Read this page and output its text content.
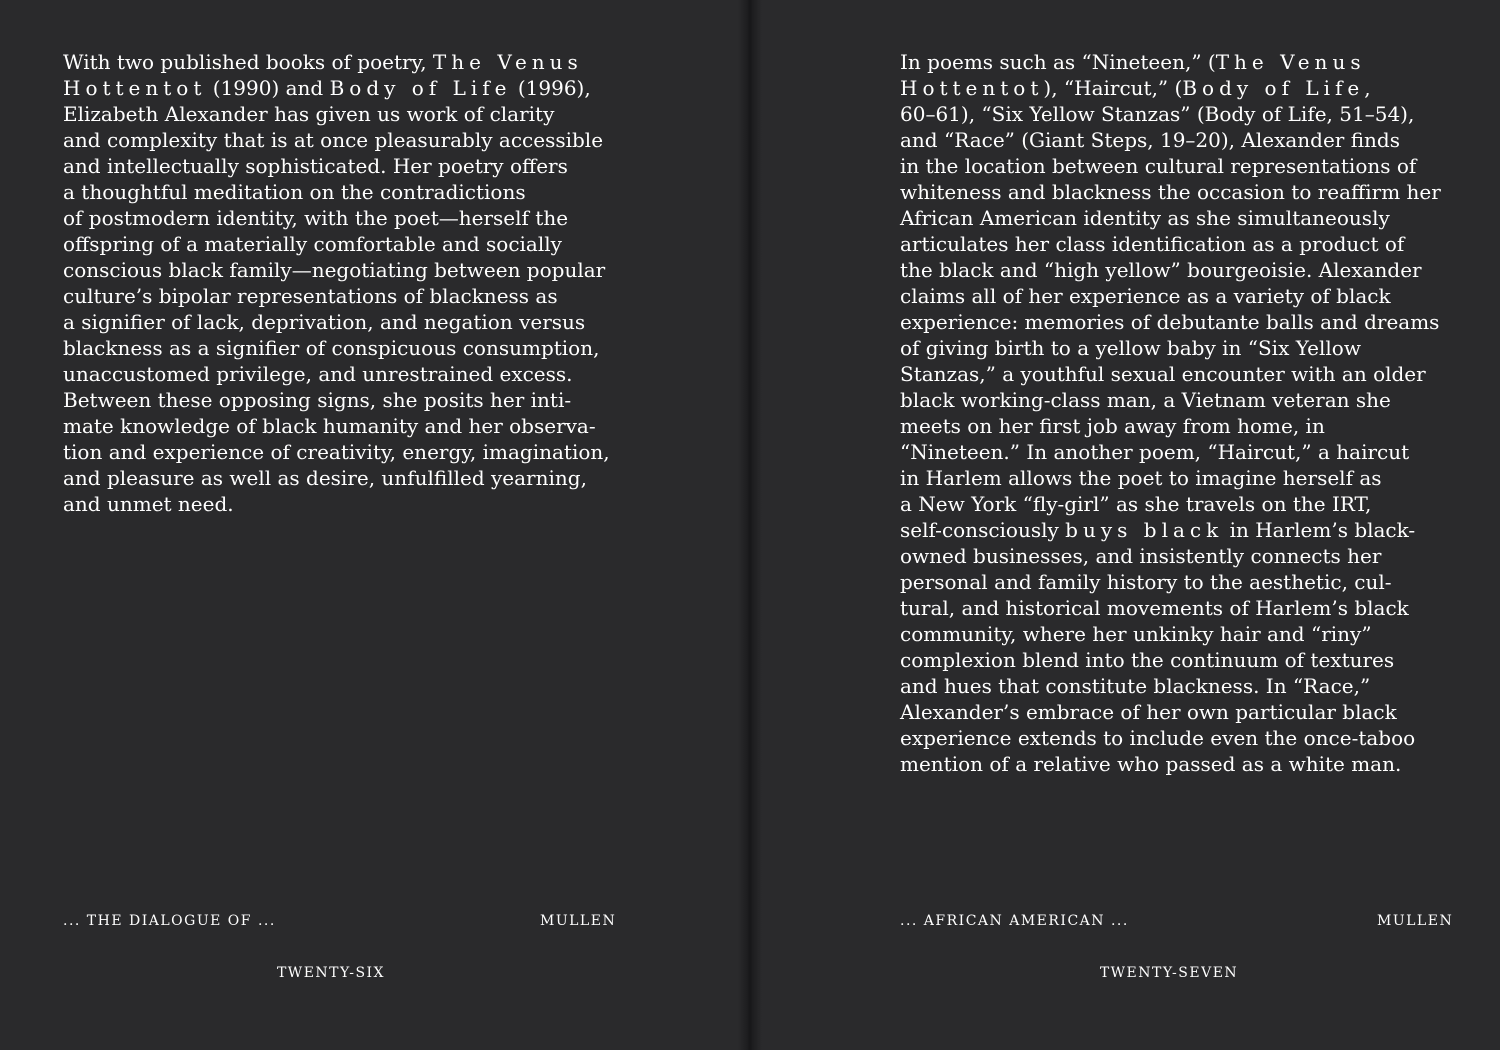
With two published books of poetry, The Venus
Hottentot (1990) and Body of Life (1996),
Elizabeth Alexander has given us work of clarity
and complexity that is at once pleasurably accessible
and intellectually sophisticated. Her poetry offers
a thoughtful meditation on the contradictions
of postmodern identity, with the poet—herself the
offspring of a materially comfortable and socially
conscious black family—negotiating between popular
culture’s bipolar representations of blackness as
a signifier of lack, deprivation, and negation versus
blackness as a signifier of conspicuous consumption,
unaccustomed privilege, and unrestrained excess.
Between these opposing signs, she posits her inti-
mate knowledge of black humanity and her observa-
tion and experience of creativity, energy, imagination,
and pleasure as well as desire, unfulfilled yearning,
and unmet need.
... THE DIALOGUE OF ...	MULLEN
TWENTY-SIX
In poems such as “Nineteen,” (The Venus
Hottentot), “Haircut,” (Body of Life,
60–61), “Six Yellow Stanzas” (Body of Life, 51–54),
and “Race” (Giant Steps, 19–20), Alexander finds
in the location between cultural representations of
whiteness and blackness the occasion to reaffirm her
African American identity as she simultaneously
articulates her class identification as a product of
the black and “high yellow” bourgeoisie. Alexander
claims all of her experience as a variety of black
experience: memories of debutante balls and dreams
of giving birth to a yellow baby in “Six Yellow
Stanzas,” a youthful sexual encounter with an older
black working-class man, a Vietnam veteran she
meets on her first job away from home, in
“Nineteen.” In another poem, “Haircut,” a haircut
in Harlem allows the poet to imagine herself as
a New York “fly-girl” as she travels on the IRT,
self-consciously buys black in Harlem’s black-
owned businesses, and insistently connects her
personal and family history to the aesthetic, cul-
tural, and historical movements of Harlem’s black
community, where her unkinky hair and “riny”
complexion blend into the continuum of textures
and hues that constitute blackness. In “Race,”
Alexander’s embrace of her own particular black
experience extends to include even the once-taboo
mention of a relative who passed as a white man.
... AFRICAN AMERICAN ...	MULLEN
TWENTY-SEVEN
